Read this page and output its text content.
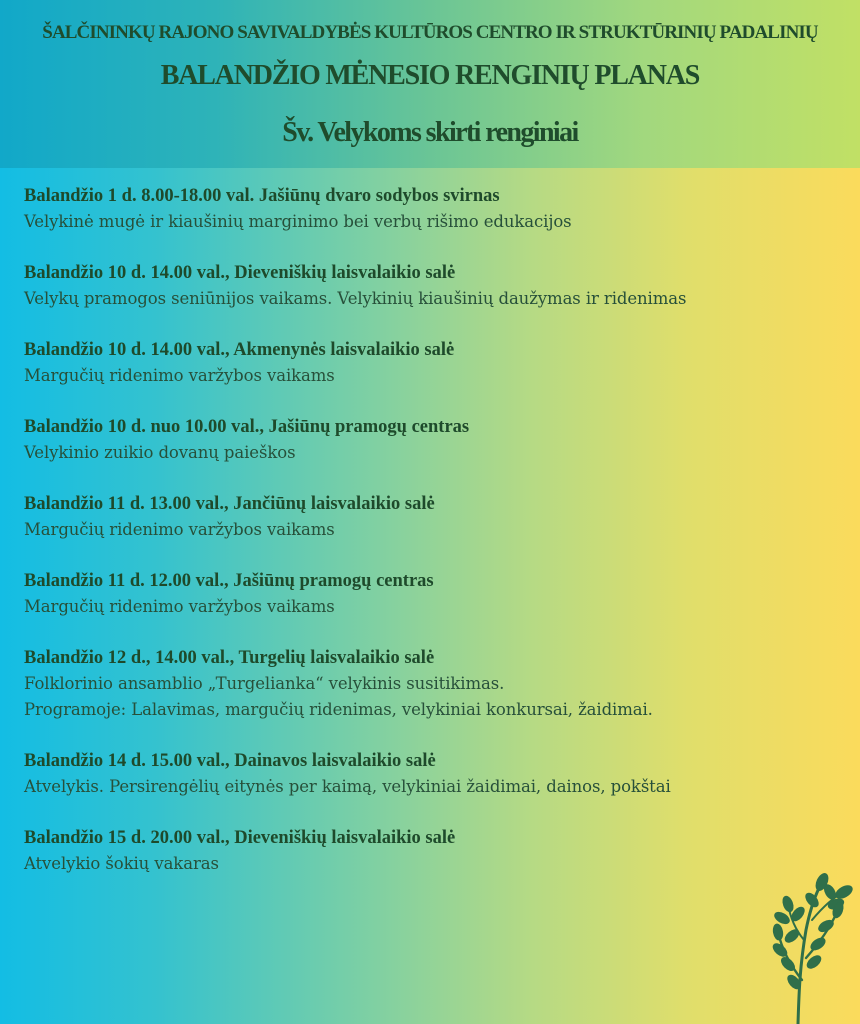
ŠALČININKŲ RAJONO SAVIVALDYBĖS KULTŪROS CENTRO IR STRUKTŪRINIŲ PADALINIŲ
BALANDŽIO MĖNESIO RENGINIŲ PLANAS
Šv. Velykoms skirti renginiai
Balandžio 1 d. 8.00-18.00 val. Jašiūnų dvaro sodybos svirnas
Velykinė mugė ir kiaušinių marginimo bei verbų rišimo edukacijos
Balandžio 10 d. 14.00 val., Dieveniškių laisvalaikio salė
Velykų pramogos seniūnijos vaikams. Velykinių kiaušinių daužymas ir ridenimas
Balandžio 10 d. 14.00 val., Akmenynės laisvalaikio salė
Margučių ridenimo varžybos vaikams
Balandžio 10 d. nuo 10.00 val., Jašiūnų pramogų centras
Velykinio zuikio dovanų paieškos
Balandžio 11 d. 13.00 val., Jančiūnų laisvalaikio salė
Margučių ridenimo varžybos vaikams
Balandžio 11 d. 12.00 val., Jašiūnų pramogų centras
Margučių ridenimo varžybos vaikams
Balandžio 12 d., 14.00 val., Turgelių laisvalaikio salė
Folklorinio ansamblio „Turgelianka“ velykinis susitikimas.
Programoje: Lalavimas, margučių ridenimas, velykiniai konkursai, žaidimai.
Balandžio 14 d. 15.00 val., Dainavos laisvalaikio salė
Atvelykis. Persirengėlių eitynės per kaimą, velykiniai žaidimai, dainos, pokštai
Balandžio 15 d. 20.00 val., Dieveniškių laisvalaikio salė
Atvelykio šokių vakaras
